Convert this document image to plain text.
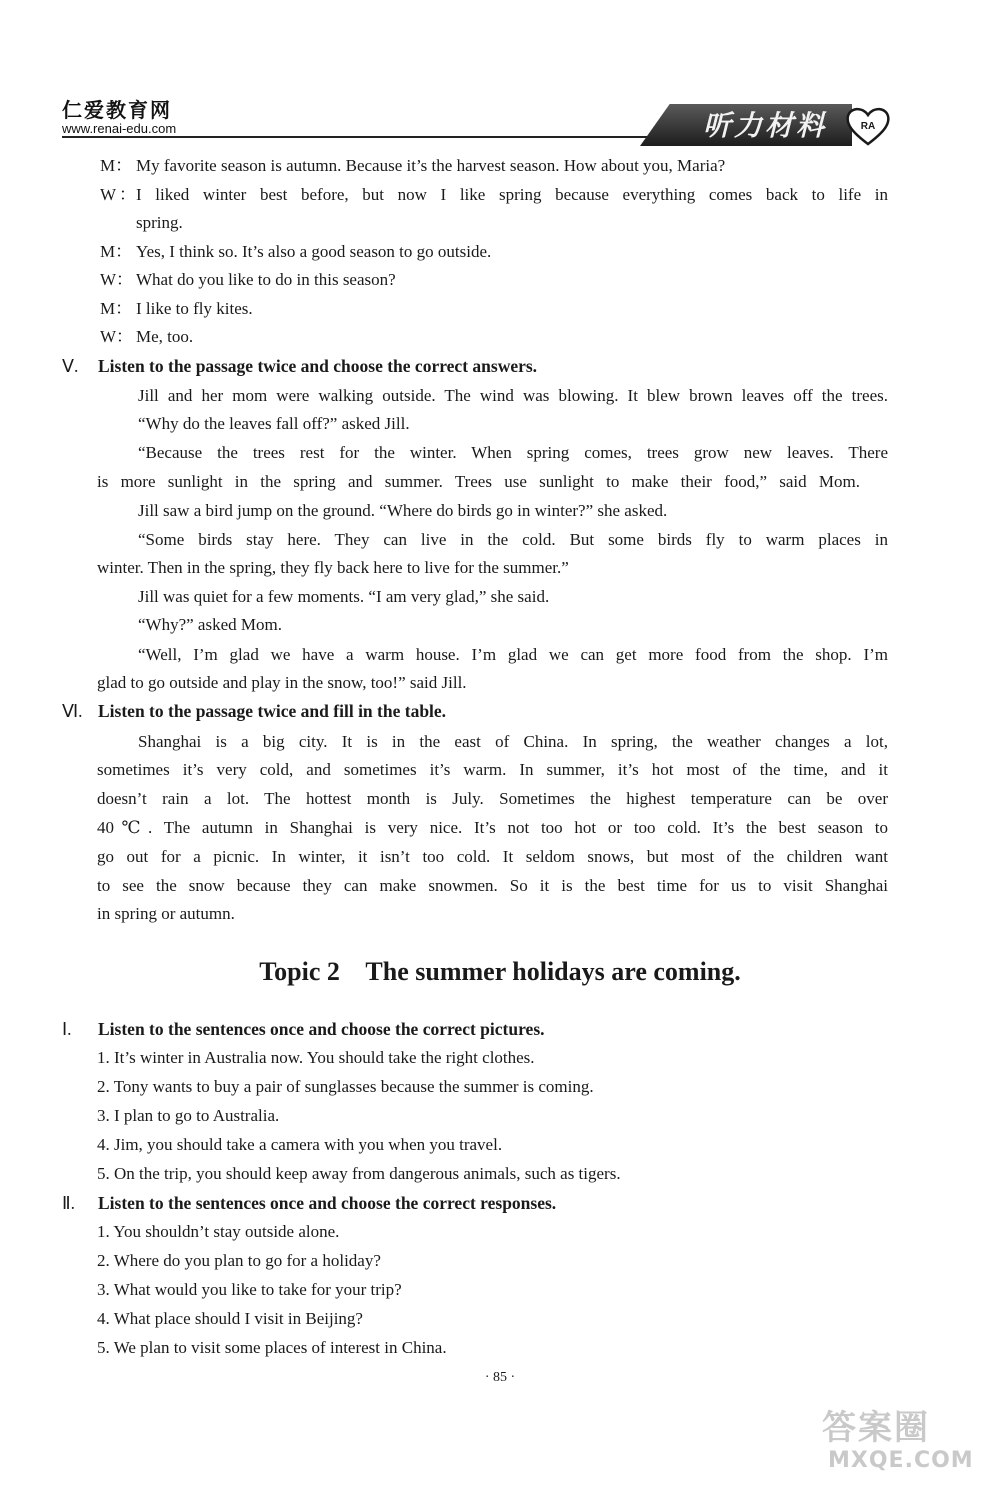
仁爱教育网
www.renai-edu.com	听力材料	RA
M： My favorite season is autumn. Because it’s the harvest season. How about you, Maria?
W：I liked winter best before, but now I like spring because everything comes back to life in
spring.
M： Yes, I think so. It’s also a good season to go outside.
W： What do you like to do in this season?
M： I like to fly kites.
W： Me, too.
Ⅴ. Listen to the passage twice and choose the correct answers.
Jill and her mom were walking outside. The wind was blowing. It blew brown leaves off the trees.
“Why do the leaves fall off?” asked Jill.
“Because the trees rest for the winter. When spring comes, trees grow new leaves. There
is more sunlight in the spring and summer. Trees use sunlight to make their food,” said Mom.
Jill saw a bird jump on the ground. “Where do birds go in winter?” she asked.
“Some birds stay here. They can live in the cold. But some birds fly to warm places in
winter. Then in the spring, they fly back here to live for the summer.”
Jill was quiet for a few moments. “I am very glad,” she said.
“Why?” asked Mom.
“Well, I’m glad we have a warm house. I’m glad we can get more food from the shop. I’m
glad to go outside and play in the snow, too!” said Jill.
Ⅵ. Listen to the passage twice and fill in the table.
Shanghai is a big city. It is in the east of China. In spring, the weather changes a lot,
sometimes it’s very cold, and sometimes it’s warm. In summer, it’s hot most of the time, and it
doesn’t rain a lot. The hottest month is July. Sometimes the highest temperature can be over
40℃. The autumn in Shanghai is very nice. It’s not too hot or too cold. It’s the best season to
go out for a picnic. In winter, it isn’t too cold. It seldom snows, but most of the children want
to see the snow because they can make snowmen. So it is the best time for us to visit Shanghai
in spring or autumn.
Topic 2    The summer holidays are coming.
Ⅰ. Listen to the sentences once and choose the correct pictures.
1. It’s winter in Australia now. You should take the right clothes.
2. Tony wants to buy a pair of sunglasses because the summer is coming.
3. I plan to go to Australia.
4. Jim, you should take a camera with you when you travel.
5. On the trip, you should keep away from dangerous animals, such as tigers.
Ⅱ. Listen to the sentences once and choose the correct responses.
1. You shouldn’t stay outside alone.
2. Where do you plan to go for a holiday?
3. What would you like to take for your trip?
4. What place should I visit in Beijing?
5. We plan to visit some places of interest in China.
· 85 ·
答案圈
MXQE.COM
